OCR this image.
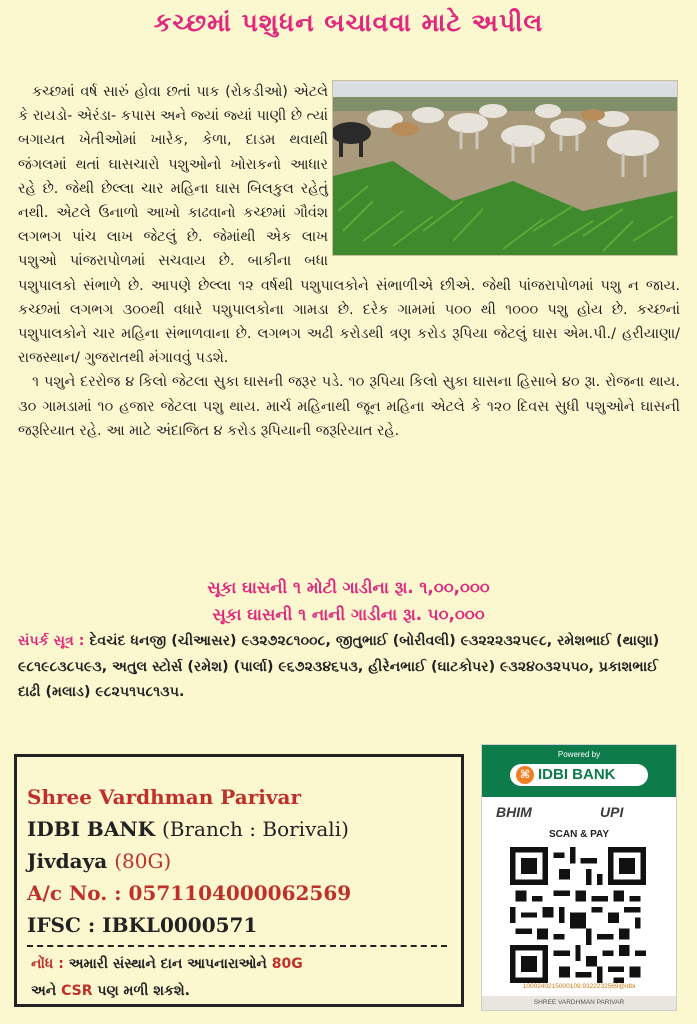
કચ્છમાં પશુધન બચાવવા માટે અપીલ

કચ્છમાં વર્ષ સારું હોવા છતાં પાક (રોકડીઓ) એટલે કે રાયડો- એરંડા- કપાસ અને જ્યાં જ્યાં પાણી છે ત્યાં બગાયત ખેતીઓમાં ખારેક, કેળા, દાડમ થવાથી જંગલમાં થતાં ઘાસચારો પશુઓનો ખોરાકનો આધાર રહે છે. જેથી છેલ્લા ચાર મહિના ઘાસ બિલકુલ રહેતું નથી. એટલે ઉનાળો આખો કાઢવાનો કચ્છમાં ગૌવંશ લગભગ પાંચ લાખ જેટલું છે. જેમાંથી એક લાખ પશુઓ પાંજરાપોળમાં સચવાય છે. બાકીના બધા પશુપાલકો સંભાળે છે. આપણે છેલ્લા ૧૨ વર્ષથી પશુપાલકોને સંભાળીએ છીએ. જેથી પાંજરાપોળમાં પશુ ન જાય. કચ્છમાં લગભગ ૩૦૦થી વધારે પશુપાલકોના ગામડા છે. દરેક ગામમાં ૫૦૦ થી ૧૦૦૦ પશુ હોય છે. કચ્છનાં પશુપાલકોને ચાર મહિના સંભાળવાના છે. લગભગ અઢી કરોડથી ત્રણ કરોડ રૂપિયા જેટલું ઘાસ એમ.પી./ હરીયાણા/ રાજસ્થાન/ ગુજરાતથી મંગાવવું પડશે.

૧ પશુને દરરોજ ૪ કિલો જેટલા સુકા ઘાસની જરૂર પડે. ૧૦ રૂપિયા કિલો સુકા ઘાસના હિસાબે ૪૦ રૂા. રોજના થાય. ૩૦ ગામડામાં ૧૦ હજાર જેટલા પશુ થાય. માર્ચ મહિનાથી જૂન મહિના એટલે કે ૧૨૦ દિવસ સુધી પશુઓને ઘાસની જરૂરિયાત રહે. આ માટે અંદાજિત ૪ કરોડ રૂપિયાની જરૂરિયાત રહે.

સૂકા ઘાસની ૧ મોટી ગાડીના રૂા. ૧,૦૦,૦૦૦
સૂકા ઘાસની ૧ નાની ગાડીના રૂા. ૫૦,૦૦૦
સંપર્ક સૂત્ર : દેવચંદ ધનજી (ચીઆસર) ૯૩૨૭૨૮૧૦૦૮, જીતુભાઈ (બોરીવલી) ૯૩૨૨૨૩૨૫૯૮, રમેશભાઈ (થાણા) ૯૮૧૯૮૩૮૫૯૩, અતુલ સ્ટોર્સ (રમેશ) (પાર્લા) ૯૬૭૨૩૪૬૫૩, હીરેનભાઈ (ઘાટકોપર) ૯૩૨૪૦૩૨૫૫૦, પ્રકાશભાઈ દાઢી (મલાડ) ૯૮૨૫૧૫૮૧૩૫.
Shree Vardhman Parivar
IDBI BANK (Branch : Borivali)
Jivdaya (80G)
A/c No. : 0571104000062569
IFSC : IBKL0000571
નોંધ : અમારી સંસ્થાને દાન આપનારાઓને 80G
અને CSR પણ મળી શકશે.
Powered by
⌘ IDBI BANK
BHIM	UPI
SCAN & PAY
1000240215000109.9322232569@idbi
SHREE VARDHMAN PARIVAR
